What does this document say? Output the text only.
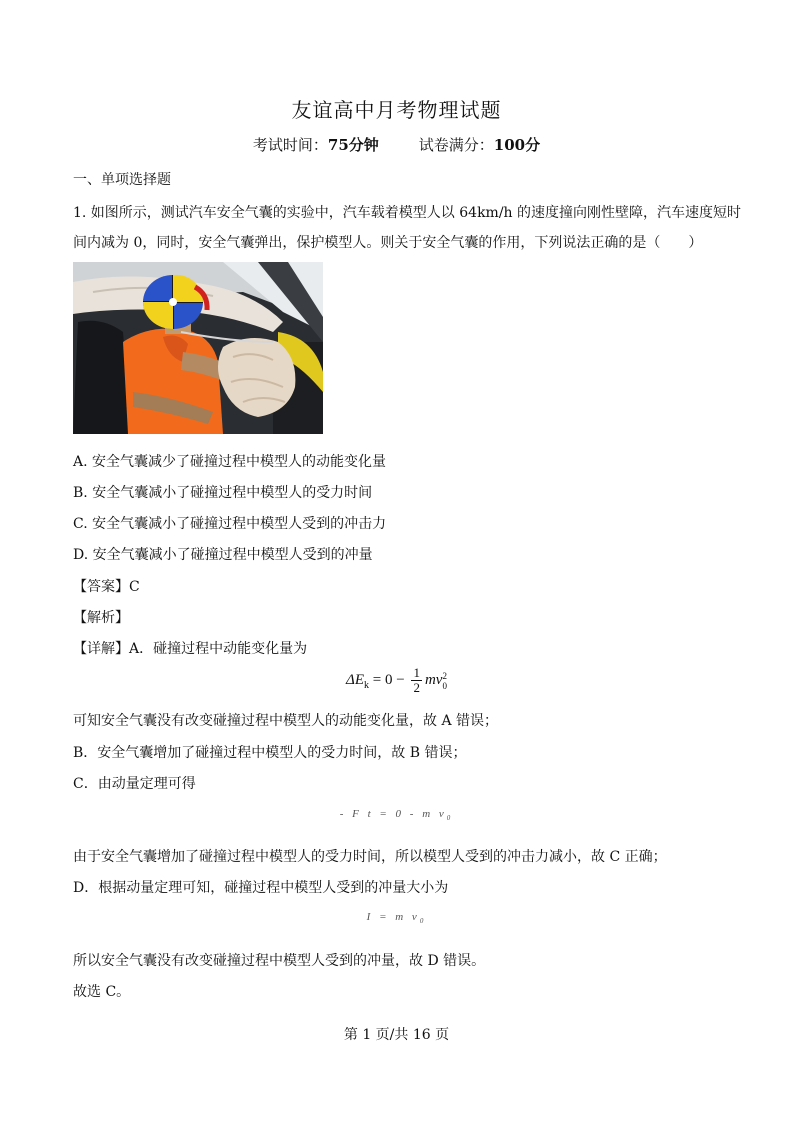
友谊高中月考物理试题
考试时间：75分钟	试卷满分：100分
一、单项选择题
1. 如图所示，测试汽车安全气囊的实验中，汽车载着模型人以 64km/h 的速度撞向刚性壁障，汽车速度短时
间内减为 0，同时，安全气囊弹出，保护模型人。则关于安全气囊的作用，下列说法正确的是（　　）
A. 安全气囊减少了碰撞过程中模型人的动能变化量
B. 安全气囊减小了碰撞过程中模型人的受力时间
C. 安全气囊减小了碰撞过程中模型人受到的冲击力
D. 安全气囊减小了碰撞过程中模型人受到的冲量
【答案】C
【解析】
【详解】A．碰撞过程中动能变化量为
$\Delta E_k = 0 - \frac{1}{2}$ mv 2
0
可知安全气囊没有改变碰撞过程中模型人的动能变化量，故 A 错误；
B．安全气囊增加了碰撞过程中模型人的受力时间，故 B 错误；
C．由动量定理可得
- F t = 0 - m $v_0$
由于安全气囊增加了碰撞过程中模型人的受力时间，所以模型人受到的冲击力减小，故 C 正确；
D．根据动量定理可知，碰撞过程中模型人受到的冲量大小为
I = m $v_0$
所以安全气囊没有改变碰撞过程中模型人受到的冲量，故 D 错误。
故选 C。
第 1 页/共 16 页
